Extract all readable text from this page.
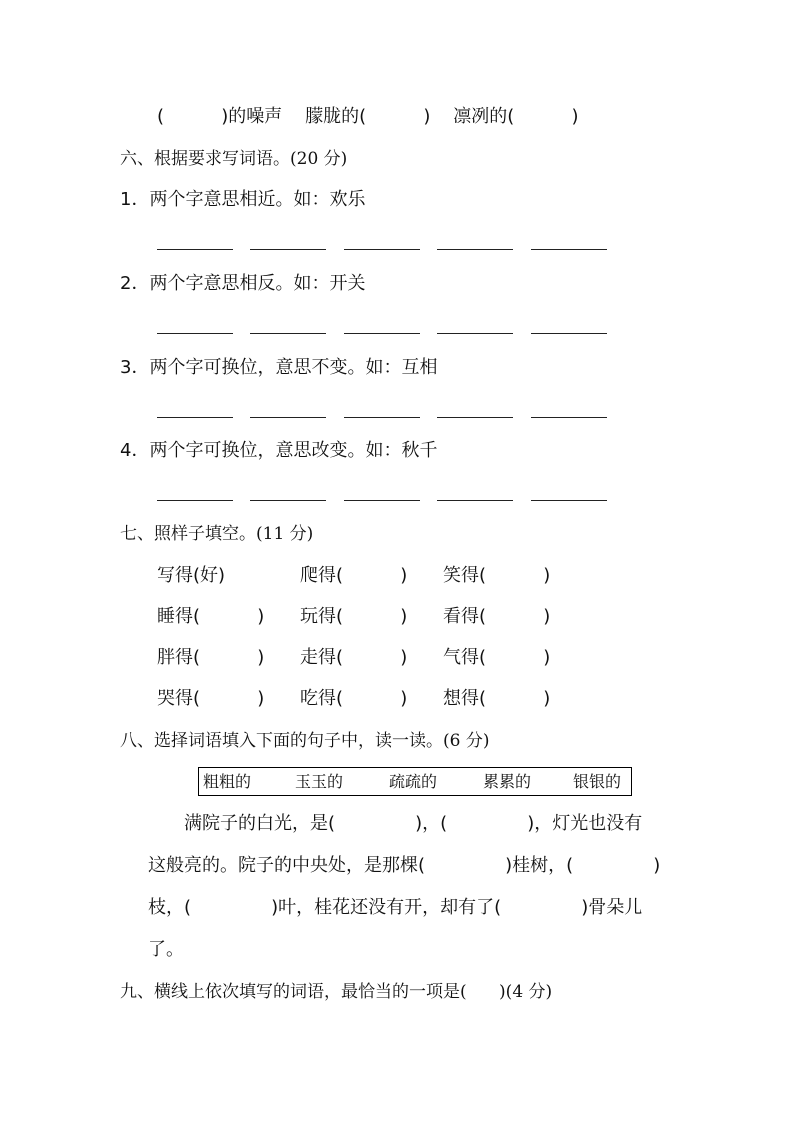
(          )的噪声    朦胧的(          )    凛冽的(          )
六、根据要求写词语。(20 分)
1．两个字意思相近。如：欢乐
2．两个字意思相反。如：开关
3．两个字可换位，意思不变。如：互相
4．两个字可换位，意思改变。如：秋千
七、照样子填空。(11 分)
写得(好)	爬得(          ) 笑得(          )
睡得(          ) 玩得(          ) 看得(          )
胖得(          ) 走得(          ) 气得(          )
哭得(          ) 吃得(          ) 想得(          )
八、选择词语填入下面的句子中，读一读。(6 分)
粗粗的	玉玉的	疏疏的	累累的	银银的
满院子的白光，是(              )，(              )，灯光也没有
这般亮的。院子的中央处，是那棵(              )桂树，(              )
枝，(              )叶，桂花还没有开，却有了(              )骨朵儿
了。
九、横线上依次填写的词语，最恰当的一项是(      )(4 分)
